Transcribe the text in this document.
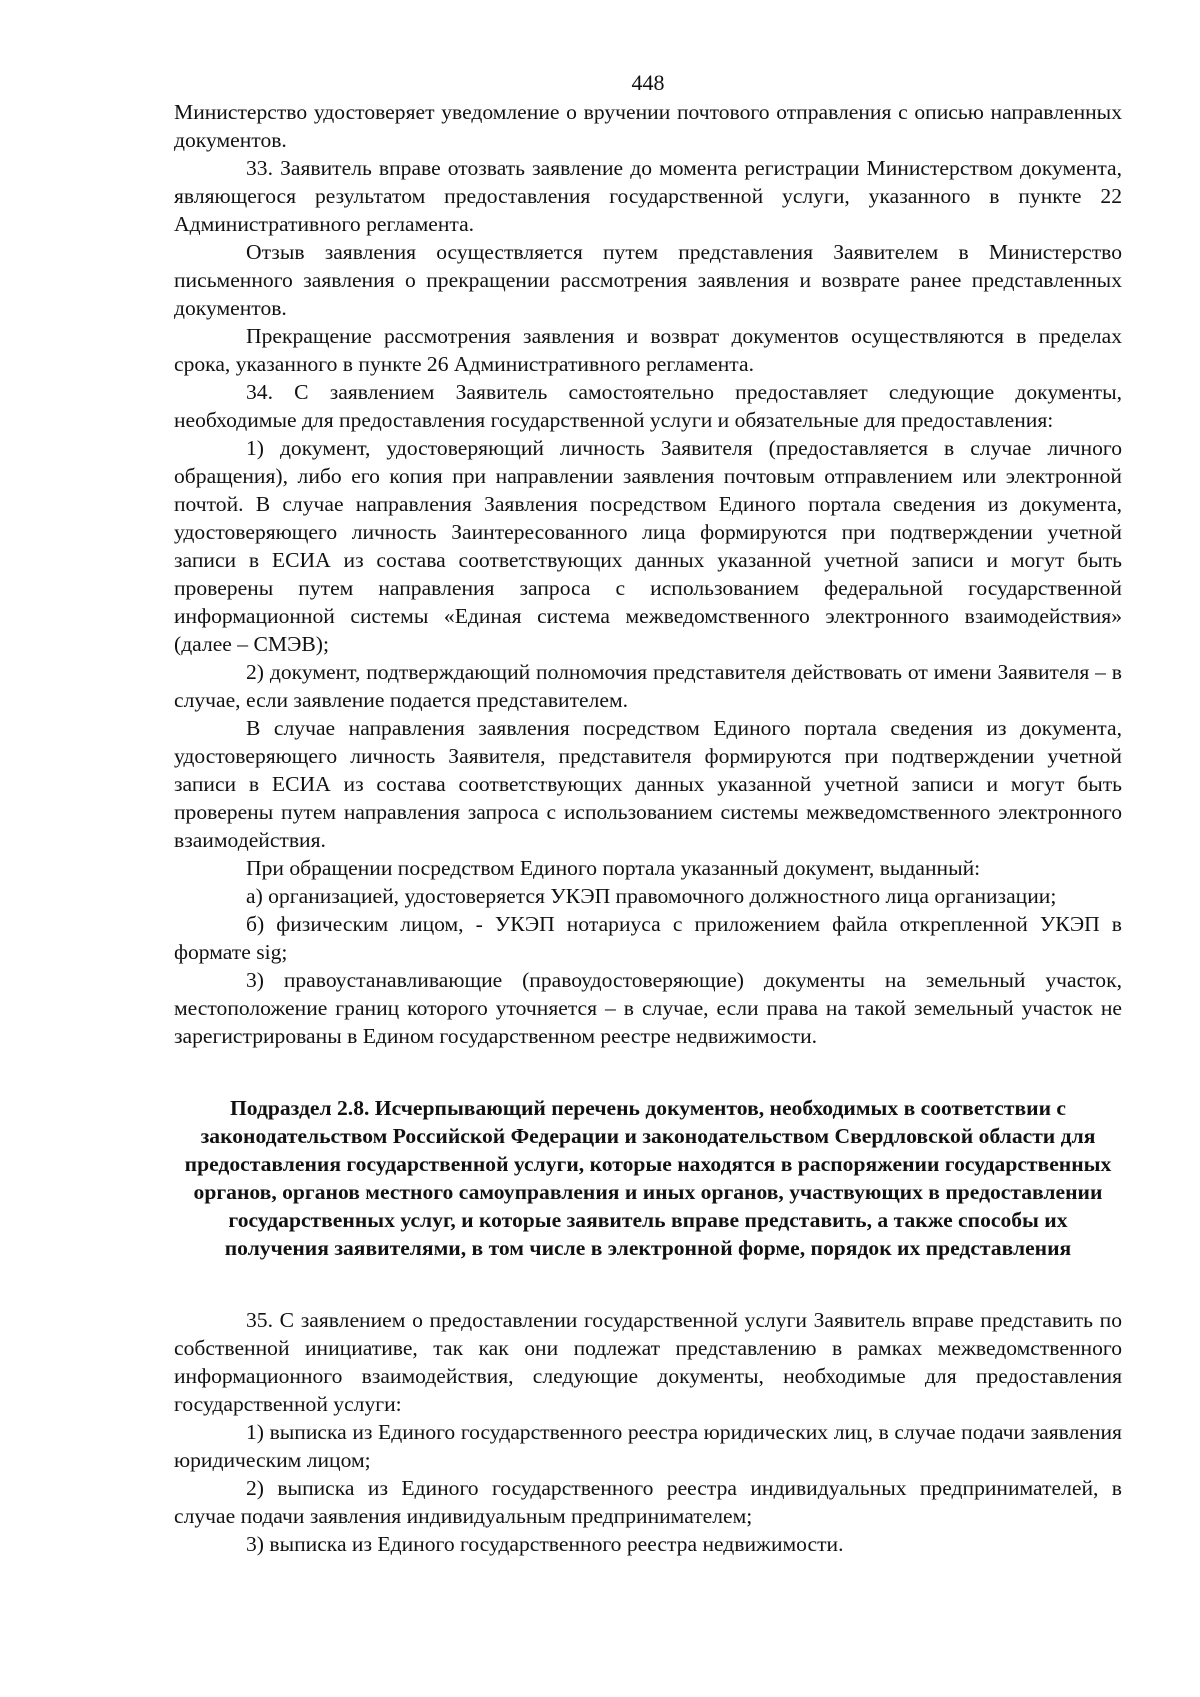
448

Министерство удостоверяет уведомление о вручении почтового отправления с описью направленных документов.

33. Заявитель вправе отозвать заявление до момента регистрации Министерством документа, являющегося результатом предоставления государственной услуги, указанного в пункте 22 Административного регламента.

Отзыв заявления осуществляется путем представления Заявителем в Министерство письменного заявления о прекращении рассмотрения заявления и возврате ранее представленных документов.

Прекращение рассмотрения заявления и возврат документов осуществляются в пределах срока, указанного в пункте 26 Административного регламента.

34. С заявлением Заявитель самостоятельно предоставляет следующие документы, необходимые для предоставления государственной услуги и обязательные для предоставления:

1) документ, удостоверяющий личность Заявителя (предоставляется в случае личного обращения), либо его копия при направлении заявления почтовым отправлением или электронной почтой. В случае направления Заявления посредством Единого портала сведения из документа, удостоверяющего личность Заинтересованного лица формируются при подтверждении учетной записи в ЕСИА из состава соответствующих данных указанной учетной записи и могут быть проверены путем направления запроса с использованием федеральной государственной информационной системы «Единая система межведомственного электронного взаимодействия» (далее – СМЭВ);

2) документ, подтверждающий полномочия представителя действовать от имени Заявителя – в случае, если заявление подается представителем.

В случае направления заявления посредством Единого портала сведения из документа, удостоверяющего личность Заявителя, представителя формируются при подтверждении учетной записи в ЕСИА из состава соответствующих данных указанной учетной записи и могут быть проверены путем направления запроса с использованием системы межведомственного электронного взаимодействия.

При обращении посредством Единого портала указанный документ, выданный:

а) организацией, удостоверяется УКЭП правомочного должностного лица организации;

б) физическим лицом, - УКЭП нотариуса с приложением файла открепленной УКЭП в формате sig;

3) правоустанавливающие (правоудостоверяющие) документы на земельный участок, местоположение границ которого уточняется – в случае, если права на такой земельный участок не зарегистрированы в Едином государственном реестре недвижимости.

Подраздел 2.8. Исчерпывающий перечень документов, необходимых в соответствии с законодательством Российской Федерации и законодательством Свердловской области для предоставления государственной услуги, которые находятся в распоряжении государственных органов, органов местного самоуправления и иных органов, участвующих в предоставлении государственных услуг, и которые заявитель вправе представить, а также способы их получения заявителями, в том числе в электронной форме, порядок их представления

35. С заявлением о предоставлении государственной услуги Заявитель вправе представить по собственной инициативе, так как они подлежат представлению в рамках межведомственного информационного взаимодействия, следующие документы, необходимые для предоставления государственной услуги:

1) выписка из Единого государственного реестра юридических лиц, в случае подачи заявления юридическим лицом;

2) выписка из Единого государственного реестра индивидуальных предпринимателей, в случае подачи заявления индивидуальным предпринимателем;

3) выписка из Единого государственного реестра недвижимости.
